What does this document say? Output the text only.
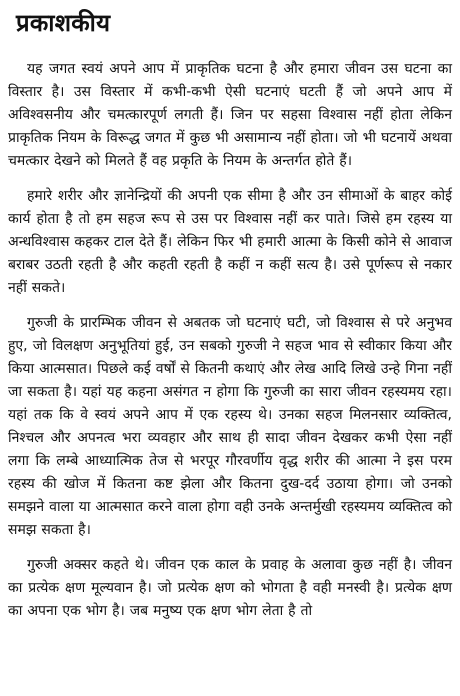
प्रकाशकीय

यह जगत स्वयं अपने आप में प्राकृतिक घटना है और हमारा जीवन उस घटना का विस्तार है। उस विस्तार में कभी-कभी ऐसी घटनाएं घटती हैं जो अपने आप में अविश्वसनीय और चमत्कारपूर्ण लगती हैं। जिन पर सहसा विश्वास नहीं होता लेकिन प्राकृतिक नियम के विरूद्ध जगत में कुछ भी असामान्य नहीं होता। जो भी घटनायें अथवा चमत्कार देखने को मिलते हैं वह प्रकृति के नियम के अन्तर्गत होते हैं।

हमारे शरीर और ज्ञानेन्द्रियों की अपनी एक सीमा है और उन सीमाओं के बाहर कोई कार्य होता है तो हम सहज रूप से उस पर विश्वास नहीं कर पाते। जिसे हम रहस्य या अन्धविश्वास कहकर टाल देते हैं। लेकिन फिर भी हमारी आत्मा के किसी कोने से आवाज बराबर उठती रहती है और कहती रहती है कहीं न कहीं सत्य है। उसे पूर्णरूप से नकार नहीं सकते।

गुरुजी के प्रारम्भिक जीवन से अबतक जो घटनाएं घटी, जो विश्वास से परे अनुभव हुए, जो विलक्षण अनुभूतियां हुई, उन सबको गुरुजी ने सहज भाव से स्वीकार किया और किया आत्मसात। पिछले कई वर्षों से कितनी कथाएं और लेख आदि लिखे उन्हे गिना नहीं जा सकता है। यहां यह कहना असंगत न होगा कि गुरुजी का सारा जीवन रहस्यमय रहा। यहां तक कि वे स्वयं अपने आप में एक रहस्य थे। उनका सहज मिलनसार व्यक्तित्व, निश्चल और अपनत्व भरा व्यवहार और साथ ही सादा जीवन देखकर कभी ऐसा नहीं लगा कि लम्बे आध्यात्मिक तेज से भरपूर गौरवर्णीय वृद्ध शरीर की आत्मा ने इस परम रहस्य की खोज में कितना कष्ट झेला और कितना दुख-दर्द उठाया होगा। जो उनको समझने वाला या आत्मसात करने वाला होगा वही उनके अन्तर्मुखी रहस्यमय व्यक्तित्व को समझ सकता है।

गुरुजी अक्सर कहते थे। जीवन एक काल के प्रवाह के अलावा कुछ नहीं है। जीवन का प्रत्येक क्षण मूल्यवान है। जो प्रत्येक क्षण को भोगता है वही मनस्वी है। प्रत्येक क्षण का अपना एक भोग है। जब मनुष्य एक क्षण भोग लेता है तो
